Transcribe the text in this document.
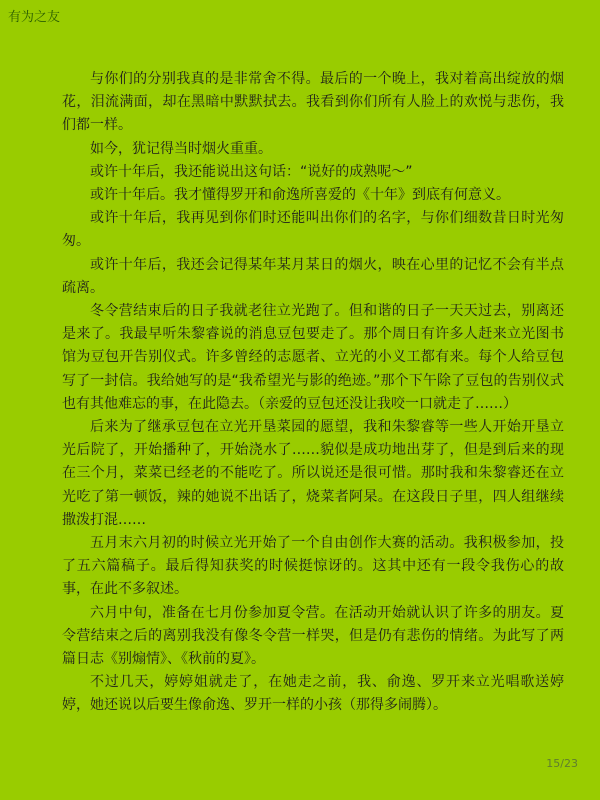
有为之友

与你们的分别我真的是非常舍不得。最后的一个晚上，我对着高出绽放的烟花，泪流满面，却在黑暗中默默拭去。我看到你们所有人脸上的欢悦与悲伤，我们都一样。

如今，犹记得当时烟火重重。

或许十年后，我还能说出这句话：“说好的成熟呢～”

或许十年后。我才懂得罗开和俞逸所喜爱的《十年》到底有何意义。

或许十年后，我再见到你们时还能叫出你们的名字，与你们细数昔日时光匆匆。

或许十年后，我还会记得某年某月某日的烟火，映在心里的记忆不会有半点疏离。

冬令营结束后的日子我就老往立光跑了。但和谐的日子一天天过去，别离还是来了。我最早听朱黎睿说的消息豆包要走了。那个周日有许多人赶来立光图书馆为豆包开告别仪式。许多曾经的志愿者、立光的小义工都有来。每个人给豆包写了一封信。我给她写的是“我希望光与影的绝迹。”那个下午除了豆包的告别仪式也有其他难忘的事，在此隐去。（亲爱的豆包还没让我咬一口就走了……）

后来为了继承豆包在立光开垦菜园的愿望，我和朱黎睿等一些人开始开垦立光后院了，开始播种了，开始浇水了……貌似是成功地出芽了，但是到后来的现在三个月，菜菜已经老的不能吃了。所以说还是很可惜。那时我和朱黎睿还在立光吃了第一顿饭，辣的她说不出话了，烧菜者阿杲。在这段日子里，四人组继续撒泼打混……

五月末六月初的时候立光开始了一个自由创作大赛的活动。我积极参加，投了五六篇稿子。最后得知获奖的时候挺惊讶的。这其中还有一段令我伤心的故事，在此不多叙述。

六月中旬，准备在七月份参加夏令营。在活动开始就认识了许多的朋友。夏令营结束之后的离别我没有像冬令营一样哭，但是仍有悲伤的情绪。为此写了两篇日志《别煽情》、《秋前的夏》。

不过几天，婷婷姐就走了，在她走之前，我、俞逸、罗开来立光唱歌送婷婷，她还说以后要生像俞逸、罗开一样的小孩（那得多闹腾）。

15/23
